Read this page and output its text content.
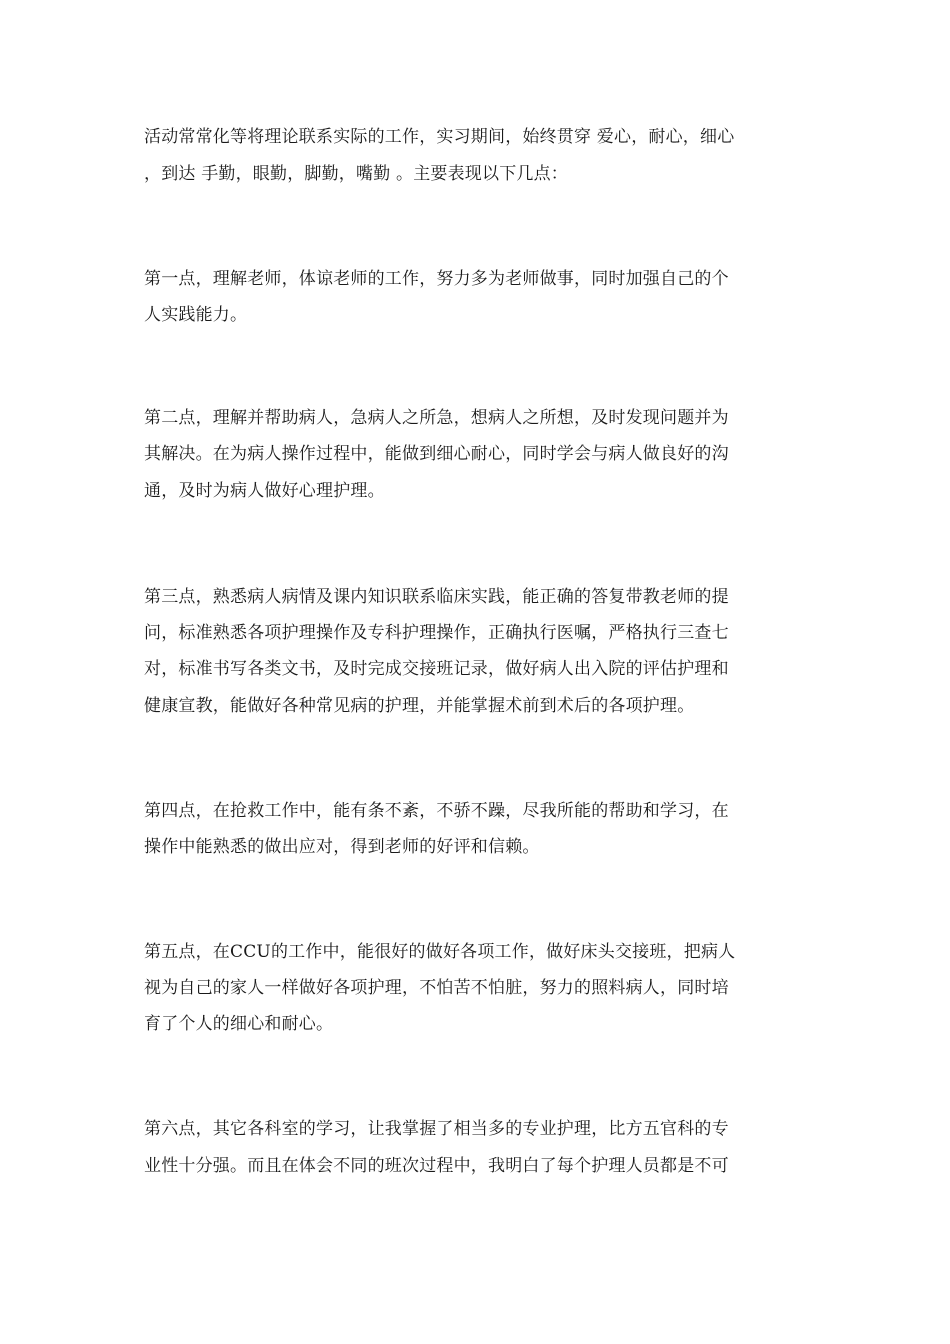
活动常常化等将理论联系实际的工作，实习期间，始终贯穿 爱心，耐心，细心
，到达 手勤，眼勤，脚勤，嘴勤 。主要表现以下几点：
第一点，理解老师，体谅老师的工作，努力多为老师做事，同时加强自己的个
人实践能力。
第二点，理解并帮助病人，急病人之所急，想病人之所想，及时发现问题并为
其解决。在为病人操作过程中，能做到细心耐心，同时学会与病人做良好的沟
通，及时为病人做好心理护理。
第三点，熟悉病人病情及课内知识联系临床实践，能正确的答复带教老师的提
问，标准熟悉各项护理操作及专科护理操作，正确执行医嘱，严格执行三查七
对，标准书写各类文书，及时完成交接班记录，做好病人出入院的评估护理和
健康宣教，能做好各种常见病的护理，并能掌握术前到术后的各项护理。
第四点，在抢救工作中，能有条不紊，不骄不躁，尽我所能的帮助和学习，在
操作中能熟悉的做出应对，得到老师的好评和信赖。
第五点，在CCU的工作中，能很好的做好各项工作，做好床头交接班，把病人
视为自己的家人一样做好各项护理，不怕苦不怕脏，努力的照料病人，同时培
育了个人的细心和耐心。
第六点，其它各科室的学习，让我掌握了相当多的专业护理，比方五官科的专
业性十分强。而且在体会不同的班次过程中，我明白了每个护理人员都是不可
